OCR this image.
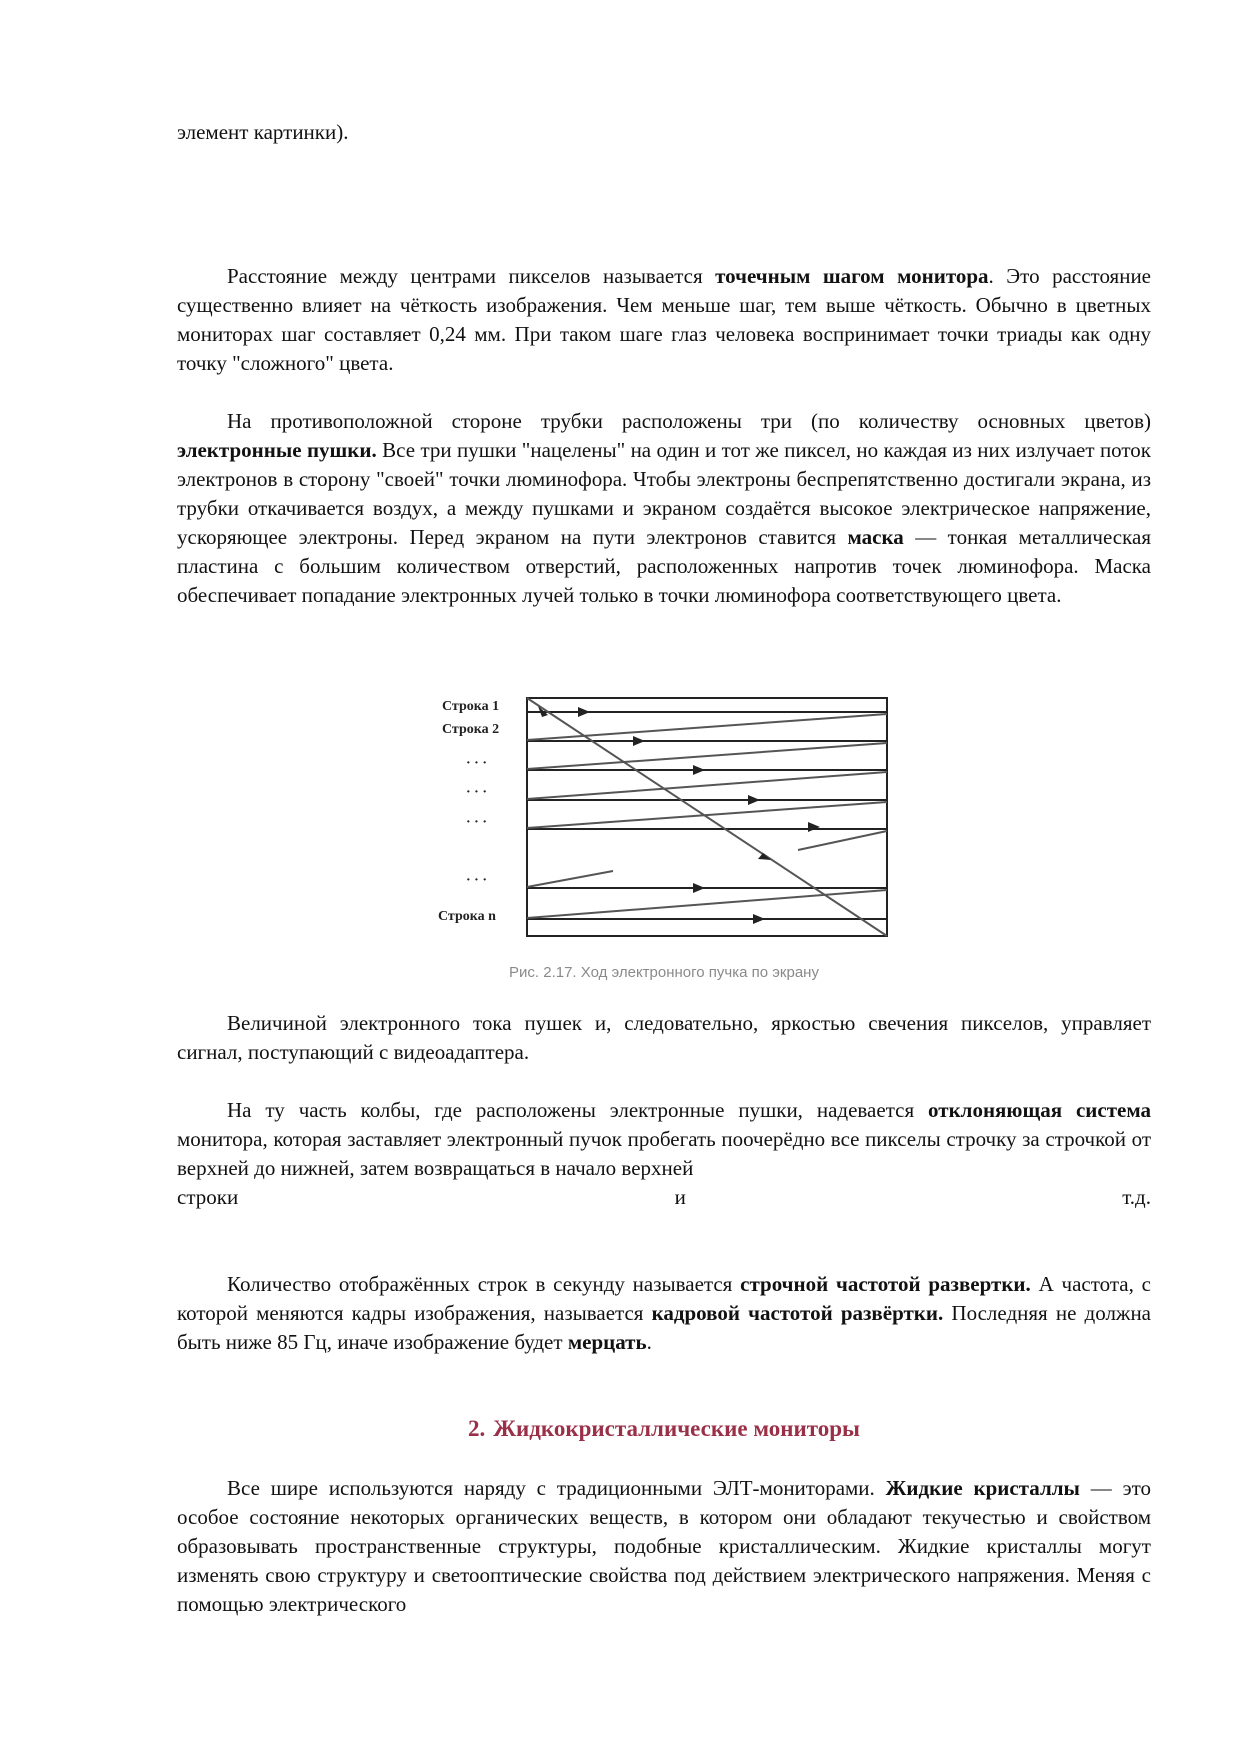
элемент картинки).

Расстояние между центрами пикселов называется точечным шагом монитора. Это расстояние существенно влияет на чёткость изображения. Чем меньше шаг, тем выше чёткость. Обычно в цветных мониторах шаг составляет 0,24 мм. При таком шаге глаз человека воспринимает точки триады как одну точку "сложного" цвета.

На противоположной стороне трубки расположены три (по количеству основных цветов) электронные пушки. Все три пушки "нацелены" на один и тот же пиксел, но каждая из них излучает поток электронов в сторону "своей" точки люминофора. Чтобы электроны беспрепятственно достигали экрана, из трубки откачивается воздух, а между пушками и экраном создаётся высокое электрическое напряжение, ускоряющее электроны. Перед экраном на пути электронов ставится маска — тонкая металлическая пластина с большим количеством отверстий, расположенных напротив точек люминофора. Маска обеспечивает попадание электронных лучей только в точки люминофора соответствующего цвета.

Строка 1
Строка 2
· · ·
· · ·
· · ·
· · ·
Строка n
Рис. 2.17. Ход электронного пучка по экрану

Величиной электронного тока пушек и, следовательно, яркостью свечения пикселов, управляет сигнал, поступающий с видеоадаптера.

На ту часть колбы, где расположены электронные пушки, надевается отклоняющая система монитора, которая заставляет электронный пучок пробегать поочерёдно все пикселы строчку за строчкой от верхней до нижней, затем возвращаться в начало верхней

строки	и	т.д.

Количество отображённых строк в секунду называется строчной частотой развертки. А частота, с которой меняются кадры изображения, называется кадровой частотой развёртки. Последняя не должна быть ниже 85 Гц, иначе изображение будет мерцать.

2. Жидкокристаллические мониторы

Все шире используются наряду с традиционными ЭЛТ-мониторами. Жидкие кристаллы — это особое состояние некоторых органических веществ, в котором они обладают текучестью и свойством образовывать пространственные структуры, подобные кристаллическим. Жидкие кристаллы могут изменять свою структуру и светооптические свойства под действием электрического напряжения. Меняя с помощью электрического
